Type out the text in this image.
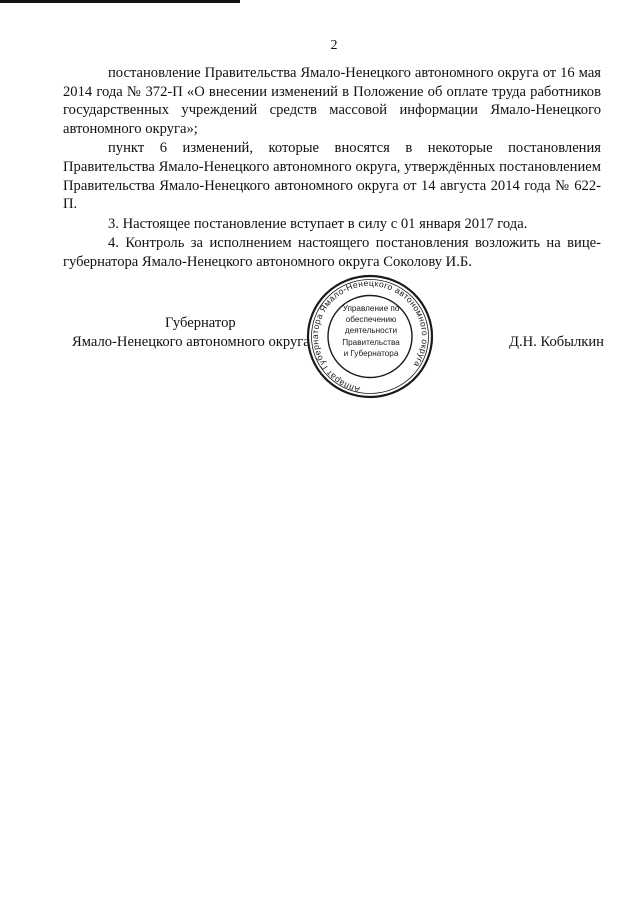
2

постановление Правительства Ямало-Ненецкого автономного округа от 16 мая 2014 года № 372-П «О внесении изменений в Положение об оплате труда работников государственных учреждений средств массовой информации Ямало-Ненецкого автономного округа»;

пункт 6 изменений, которые вносятся в некоторые постановления Правительства Ямало-Ненецкого автономного округа, утверждённых постановлением Правительства Ямало-Ненецкого автономного округа от 14 августа 2014 года № 622-П.

3. Настоящее постановление вступает в силу с 01 января 2017 года.

4. Контроль за исполнением настоящего постановления возложить на вице-губернатора Ямало-Ненецкого автономного округа Соколову И.Б.

Губернатор
Ямало-Ненецкого автономного округа	Д.Н. Кобылкин
Аппарат Губернатора Ямало-Ненецкого автономного округа
Управление по
обеспечению
деятельности
Правительства
и Губернатора
